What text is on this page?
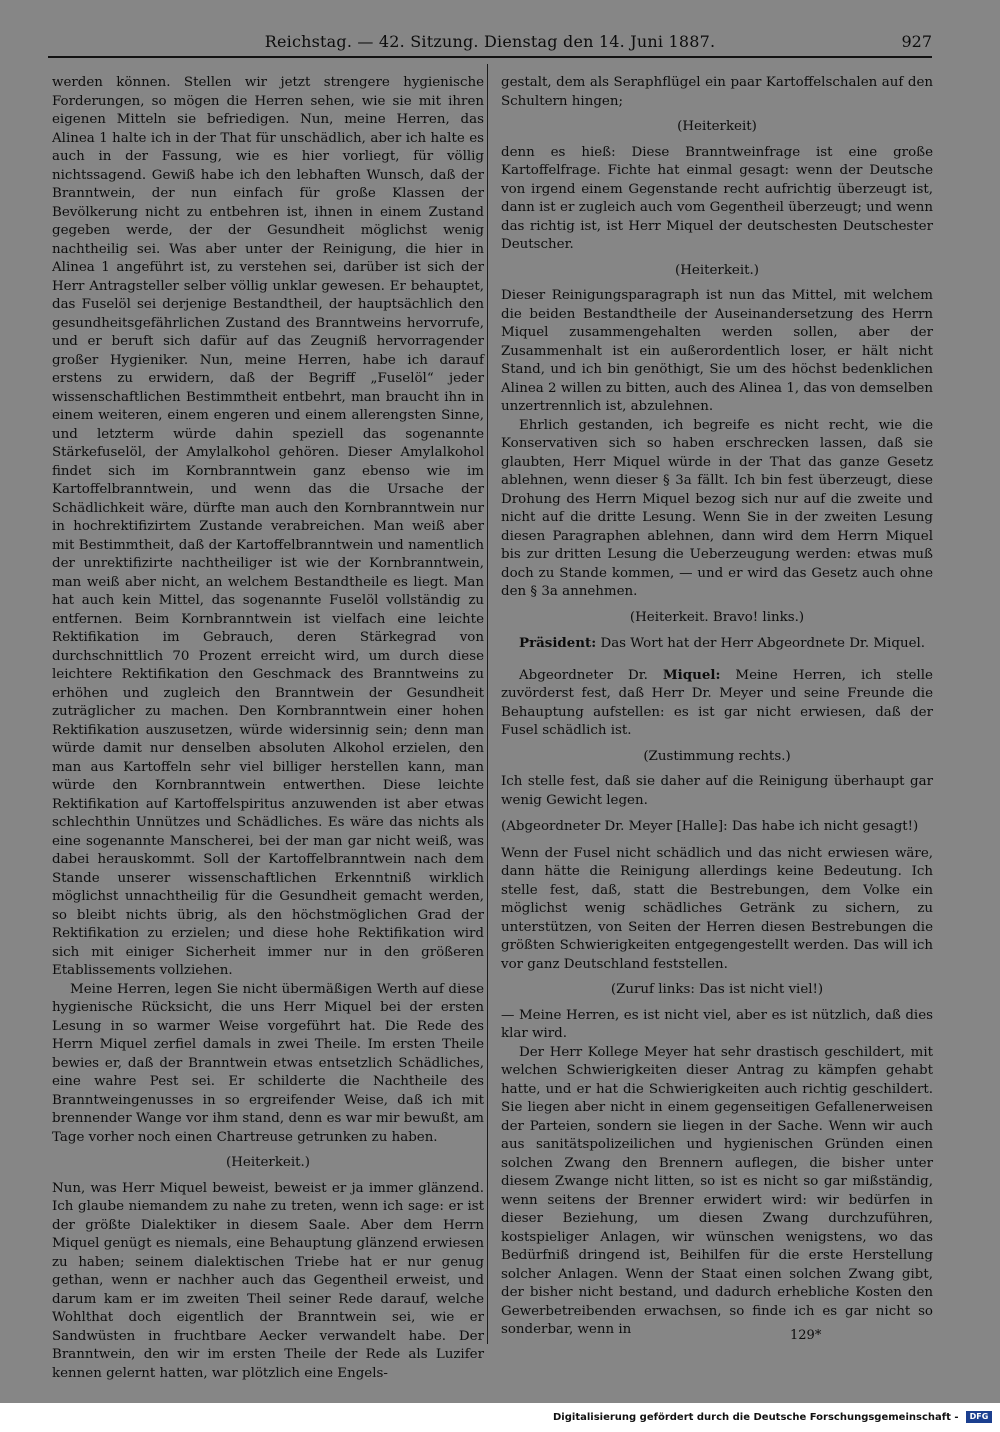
Reichstag. — 42. Sitzung. Dienstag den 14. Juni 1887.	927

werden können. Stellen wir jetzt strengere hygienische Forderungen, so mögen die Herren sehen, wie sie mit ihren eigenen Mitteln sie befriedigen. Nun, meine Herren, das Alinea 1 halte ich in der That für unschädlich, aber ich halte es auch in der Fassung, wie es hier vorliegt, für völlig nichtssagend. Gewiß habe ich den lebhaften Wunsch, daß der Branntwein, der nun einfach für große Klassen der Bevölkerung nicht zu entbehren ist, ihnen in einem Zustand gegeben werde, der der Gesundheit möglichst wenig nachtheilig sei. Was aber unter der Reinigung, die hier in Alinea 1 angeführt ist, zu verstehen sei, darüber ist sich der Herr Antragsteller selber völlig unklar gewesen. Er behauptet, das Fuselöl sei derjenige Bestandtheil, der hauptsächlich den gesundheitsgefährlichen Zustand des Branntweins hervorrufe, und er beruft sich dafür auf das Zeugniß hervorragender großer Hygieniker. Nun, meine Herren, habe ich darauf erstens zu erwidern, daß der Begriff „Fuselöl“ jeder wissenschaftlichen Bestimmtheit entbehrt, man braucht ihn in einem weiteren, einem engeren und einem allerengsten Sinne, und letzterm würde dahin speziell das sogenannte Stärkefuselöl, der Amylalkohol gehören. Dieser Amylalkohol findet sich im Kornbranntwein ganz ebenso wie im Kartoffelbranntwein, und wenn das die Ursache der Schädlichkeit wäre, dürfte man auch den Kornbranntwein nur in hochrektifizirtem Zustande verabreichen. Man weiß aber mit Bestimmtheit, daß der Kartoffelbranntwein und namentlich der unrektifizirte nachtheiliger ist wie der Kornbranntwein, man weiß aber nicht, an welchem Bestandtheile es liegt. Man hat auch kein Mittel, das sogenannte Fuselöl vollständig zu entfernen. Beim Kornbranntwein ist vielfach eine leichte Rektifikation im Gebrauch, deren Stärkegrad von durchschnittlich 70 Prozent erreicht wird, um durch diese leichtere Rektifikation den Geschmack des Branntweins zu erhöhen und zugleich den Branntwein der Gesundheit zuträglicher zu machen. Den Kornbranntwein einer hohen Rektifikation auszusetzen, würde widersinnig sein; denn man würde damit nur denselben absoluten Alkohol erzielen, den man aus Kartoffeln sehr viel billiger herstellen kann, man würde den Kornbranntwein entwerthen. Diese leichte Rektifikation auf Kartoffelspiritus anzuwenden ist aber etwas schlechthin Unnützes und Schädliches. Es wäre das nichts als eine sogenannte Manscherei, bei der man gar nicht weiß, was dabei herauskommt. Soll der Kartoffelbranntwein nach dem Stande unserer wissenschaftlichen Erkenntniß wirklich möglichst unnachtheilig für die Gesundheit gemacht werden, so bleibt nichts übrig, als den höchstmöglichen Grad der Rektifikation zu erzielen; und diese hohe Rektifikation wird sich mit einiger Sicherheit immer nur in den größeren Etablissements vollziehen.

Meine Herren, legen Sie nicht übermäßigen Werth auf diese hygienische Rücksicht, die uns Herr Miquel bei der ersten Lesung in so warmer Weise vorgeführt hat. Die Rede des Herrn Miquel zerfiel damals in zwei Theile. Im ersten Theile bewies er, daß der Branntwein etwas entsetzlich Schädliches, eine wahre Pest sei. Er schilderte die Nachtheile des Branntweingenusses in so ergreifender Weise, daß ich mit brennender Wange vor ihm stand, denn es war mir bewußt, am Tage vorher noch einen Chartreuse getrunken zu haben.

(Heiterkeit.)

Nun, was Herr Miquel beweist, beweist er ja immer glänzend. Ich glaube niemandem zu nahe zu treten, wenn ich sage: er ist der größte Dialektiker in diesem Saale. Aber dem Herrn Miquel genügt es niemals, eine Behauptung glänzend erwiesen zu haben; seinem dialektischen Triebe hat er nur genug gethan, wenn er nachher auch das Gegentheil erweist, und darum kam er im zweiten Theil seiner Rede darauf, welche Wohlthat doch eigentlich der Branntwein sei, wie er Sandwüsten in fruchtbare Aecker verwandelt habe. Der Branntwein, den wir im ersten Theile der Rede als Luzifer kennen gelernt hatten, war plötzlich eine Engels-

gestalt, dem als Seraphflügel ein paar Kartoffelschalen auf den Schultern hingen;

(Heiterkeit)

denn es hieß: Diese Branntweinfrage ist eine große Kartoffelfrage. Fichte hat einmal gesagt: wenn der Deutsche von irgend einem Gegenstande recht aufrichtig überzeugt ist, dann ist er zugleich auch vom Gegentheil überzeugt; und wenn das richtig ist, ist Herr Miquel der deutschesten Deutschester Deutscher.

(Heiterkeit.)

Dieser Reinigungsparagraph ist nun das Mittel, mit welchem die beiden Bestandtheile der Auseinandersetzung des Herrn Miquel zusammengehalten werden sollen, aber der Zusammenhalt ist ein außerordentlich loser, er hält nicht Stand, und ich bin genöthigt, Sie um des höchst bedenklichen Alinea 2 willen zu bitten, auch des Alinea 1, das von demselben unzertrennlich ist, abzulehnen.

Ehrlich gestanden, ich begreife es nicht recht, wie die Konservativen sich so haben erschrecken lassen, daß sie glaubten, Herr Miquel würde in der That das ganze Gesetz ablehnen, wenn dieser § 3a fällt. Ich bin fest überzeugt, diese Drohung des Herrn Miquel bezog sich nur auf die zweite und nicht auf die dritte Lesung. Wenn Sie in der zweiten Lesung diesen Paragraphen ablehnen, dann wird dem Herrn Miquel bis zur dritten Lesung die Ueberzeugung werden: etwas muß doch zu Stande kommen, — und er wird das Gesetz auch ohne den § 3a annehmen.

(Heiterkeit. Bravo! links.)

Präsident: Das Wort hat der Herr Abgeordnete Dr. Miquel.

Abgeordneter Dr. Miquel: Meine Herren, ich stelle zuvörderst fest, daß Herr Dr. Meyer und seine Freunde die Behauptung aufstellen: es ist gar nicht erwiesen, daß der Fusel schädlich ist.

(Zustimmung rechts.)

Ich stelle fest, daß sie daher auf die Reinigung überhaupt gar wenig Gewicht legen.

(Abgeordneter Dr. Meyer [Halle]: Das habe ich nicht gesagt!)

Wenn der Fusel nicht schädlich und das nicht erwiesen wäre, dann hätte die Reinigung allerdings keine Bedeutung. Ich stelle fest, daß, statt die Bestrebungen, dem Volke ein möglichst wenig schädliches Getränk zu sichern, zu unterstützen, von Seiten der Herren diesen Bestrebungen die größten Schwierigkeiten entgegengestellt werden. Das will ich vor ganz Deutschland feststellen.

(Zuruf links: Das ist nicht viel!)

— Meine Herren, es ist nicht viel, aber es ist nützlich, daß dies klar wird.

Der Herr Kollege Meyer hat sehr drastisch geschildert, mit welchen Schwierigkeiten dieser Antrag zu kämpfen gehabt hatte, und er hat die Schwierigkeiten auch richtig geschildert. Sie liegen aber nicht in einem gegenseitigen Gefallenerweisen der Parteien, sondern sie liegen in der Sache. Wenn wir auch aus sanitätspolizeilichen und hygienischen Gründen einen solchen Zwang den Brennern auflegen, die bisher unter diesem Zwange nicht litten, so ist es nicht so gar mißständig, wenn seitens der Brenner erwidert wird: wir bedürfen in dieser Beziehung, um diesen Zwang durchzuführen, kostspieliger Anlagen, wir wünschen wenigstens, wo das Bedürfniß dringend ist, Beihilfen für die erste Herstellung solcher Anlagen. Wenn der Staat einen solchen Zwang gibt, der bisher nicht bestand, und dadurch erhebliche Kosten den Gewerbetreibenden erwachsen, so finde ich es gar nicht so sonderbar, wenn in	129*
Digitalisierung gefördert durch die Deutsche Forschungsgemeinschaft - DFG
